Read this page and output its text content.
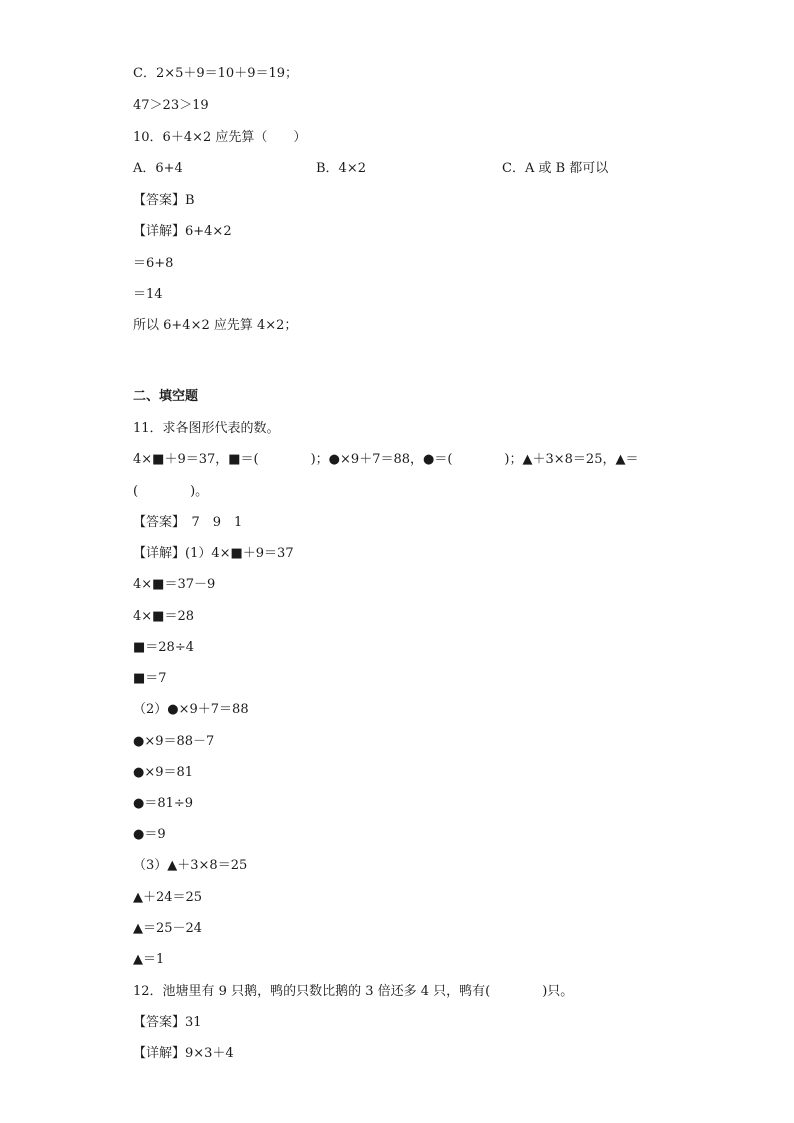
C．2×5＋9＝10＋9＝19；
47＞23＞19
10．6＋4×2 应先算（　　）
A．6+4	B．4×2	C．A 或 B 都可以
【答案】B
【详解】6+4×2
＝6+8
＝14
所以 6+4×2 应先算 4×2；
二、填空题
11．求各图形代表的数。
4×■＋9＝37，■＝(　　　　)；●×9＋7＝88，●＝(　　　　)；▲＋3×8＝25，▲＝
(　　　　)。
【答案】　7　9　1
【详解】(1）4×■＋9＝37
4×■＝37－9
4×■＝28
■＝28÷4
■＝7
（2）●×9＋7＝88
●×9＝88－7
●×9＝81
●＝81÷9
●＝9
（3）▲＋3×8＝25
▲＋24＝25
▲＝25－24
▲＝1
12．池塘里有 9 只鹅，鸭的只数比鹅的 3 倍还多 4 只，鸭有(　　　　)只。
【答案】31
【详解】9×3＋4
